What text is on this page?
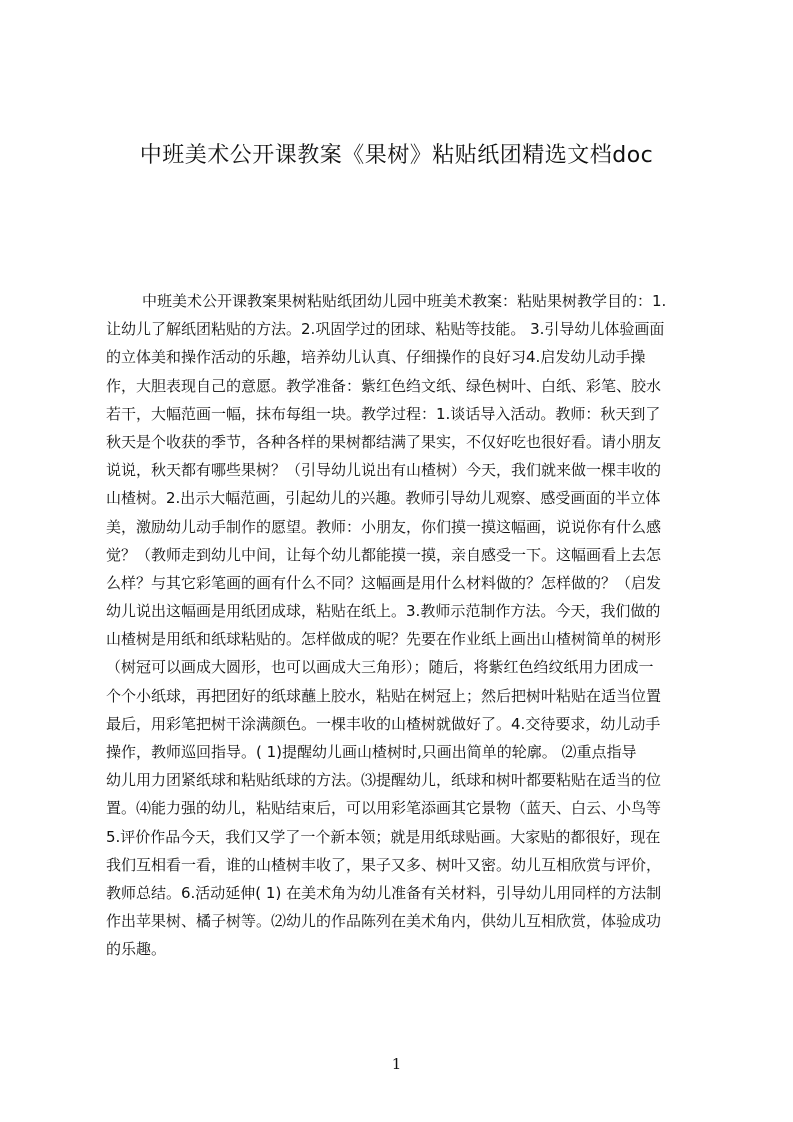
中班美术公开课教案《果树》粘贴纸团精选文档doc
中班美术公开课教案果树粘贴纸团幼儿园中班美术教案：粘贴果树教学目的：1.
让幼儿了解纸团粘贴的方法。2.巩固学过的团球、粘贴等技能。 3.引导幼儿体验画面
的立体美和操作活动的乐趣，培养幼儿认真、仔细操作的良好习4.启发幼儿动手操
作，大胆表现自己的意愿。教学准备：紫红色绉文纸、绿色树叶、白纸、彩笔、胶水
若干，大幅范画一幅，抹布每组一块。教学过程：1.谈话导入活动。教师：秋天到了
秋天是个收获的季节，各种各样的果树都结满了果实，不仅好吃也很好看。请小朋友
说说，秋天都有哪些果树？（引导幼儿说出有山楂树）今天，我们就来做一棵丰收的
山楂树。2.出示大幅范画，引起幼儿的兴趣。教师引导幼儿观察、感受画面的半立体
美，激励幼儿动手制作的愿望。教师：小朋友，你们摸一摸这幅画，说说你有什么感
觉？（教师走到幼儿中间，让每个幼儿都能摸一摸，亲自感受一下。这幅画看上去怎
么样？与其它彩笔画的画有什么不同？这幅画是用什么材料做的？怎样做的？（启发
幼儿说出这幅画是用纸团成球，粘贴在纸上。3.教师示范制作方法。今天，我们做的
山楂树是用纸和纸球粘贴的。怎样做成的呢？先要在作业纸上画出山楂树简单的树形
（树冠可以画成大圆形，也可以画成大三角形）；随后，将紫红色绉纹纸用力团成一
个个小纸球，再把团好的纸球蘸上胶水，粘贴在树冠上；然后把树叶粘贴在适当位置
最后，用彩笔把树干涂满颜色。一棵丰收的山楂树就做好了。4.交待要求，幼儿动手
操作，教师巡回指导。( 1)提醒幼儿画山楂树时,只画出简单的轮廓。 ⑵重点指导
幼儿用力团紧纸球和粘贴纸球的方法。⑶提醒幼儿，纸球和树叶都要粘贴在适当的位
置。⑷能力强的幼儿，粘贴结束后，可以用彩笔添画其它景物（蓝天、白云、小鸟等
5.评价作品今天，我们又学了一个新本领；就是用纸球贴画。大家贴的都很好，现在
我们互相看一看，谁的山楂树丰收了，果子又多、树叶又密。幼儿互相欣赏与评价，
教师总结。6.活动延伸( 1) 在美术角为幼儿准备有关材料，引导幼儿用同样的方法制
作出苹果树、橘子树等。⑵幼儿的作品陈列在美术角内，供幼儿互相欣赏，体验成功
的乐趣。
1
